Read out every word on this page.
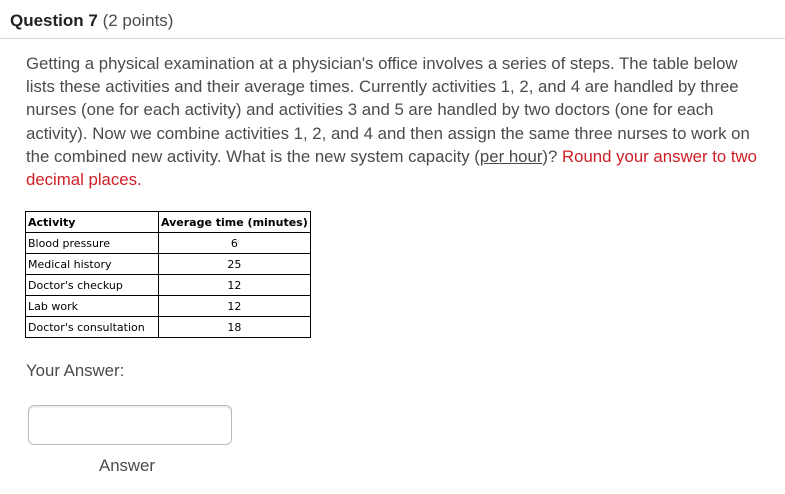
Question 7 (2 points)
Getting a physical examination at a physician's office involves a series of steps. The table below lists these activities and their average times. Currently activities 1, 2, and 4 are handled by three nurses (one for each activity) and activities 3 and 5 are handled by two doctors (one for each activity). Now we combine activities 1, 2, and 4 and then assign the same three nurses to work on the combined new activity. What is the new system capacity (per hour)? Round your answer to two decimal places.
Activity	Average time (minutes)
Blood pressure	6
Medical history	25
Doctor's checkup	12
Lab work	12
Doctor's consultation	18
Your Answer:
Answer
